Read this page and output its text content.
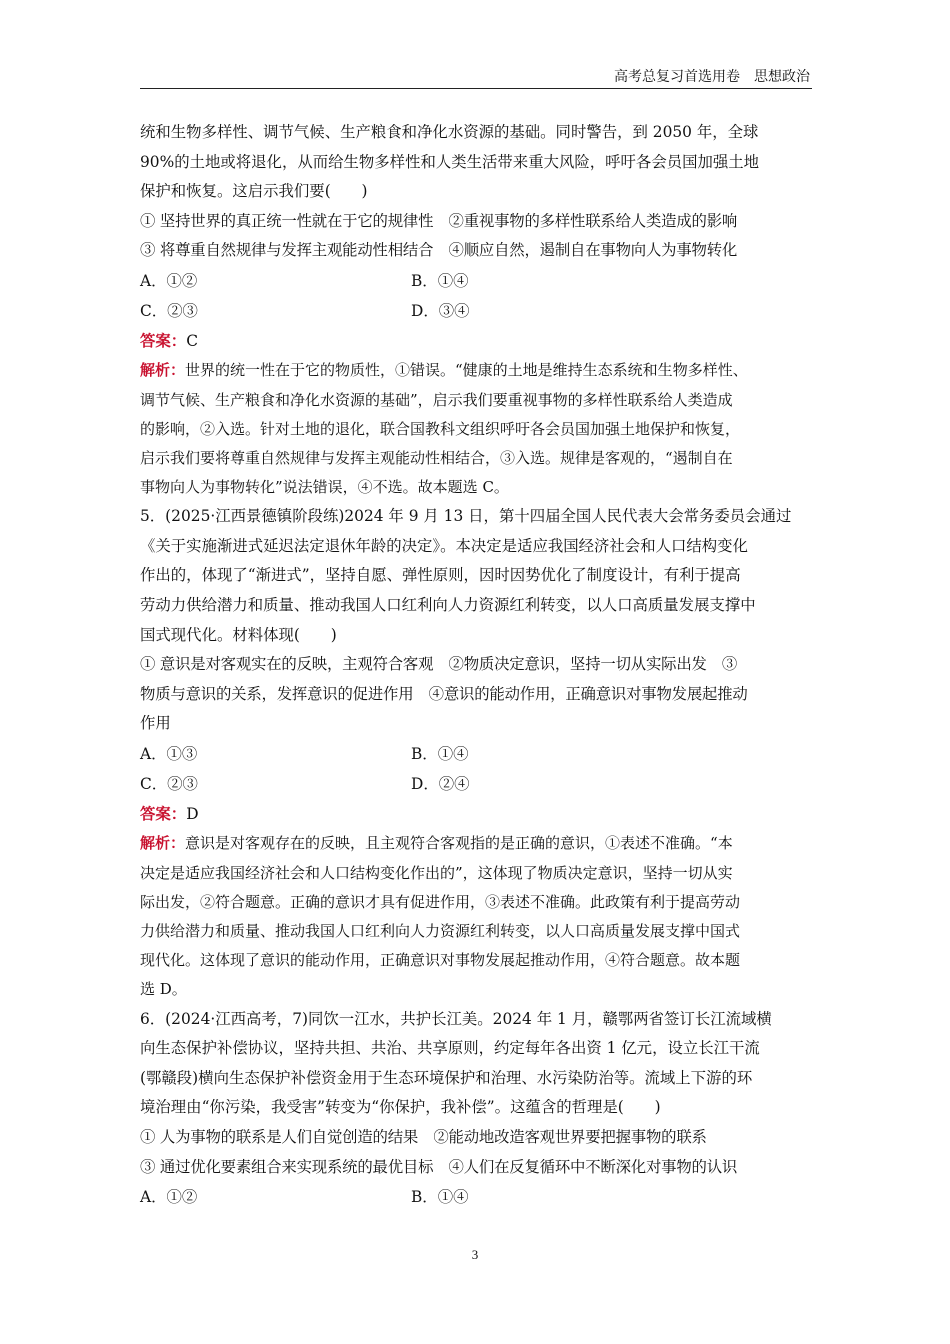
高考总复习首选用卷　思想政治
统和生物多样性、调节气候、生产粮食和净化水资源的基础。同时警告，到 2050 年，全球
90%的土地或将退化，从而给生物多样性和人类生活带来重大风险，呼吁各会员国加强土地
保护和恢复。这启示我们要(　　)
① 坚持世界的真正统一性就在于它的规律性　②重视事物的多样性联系给人类造成的影响
③ 将尊重自然规律与发挥主观能动性相结合　④顺应自然，遏制自在事物向人为事物转化
A．①②	B．①④
C．②③	D．③④
答案：C
解析：世界的统一性在于它的物质性，①错误。“健康的土地是维持生态系统和生物多样性、
调节气候、生产粮食和净化水资源的基础”，启示我们要重视事物的多样性联系给人类造成
的影响，②入选。针对土地的退化，联合国教科文组织呼吁各会员国加强土地保护和恢复，
启示我们要将尊重自然规律与发挥主观能动性相结合，③入选。规律是客观的，“遏制自在
事物向人为事物转化”说法错误，④不选。故本题选 C。
5．(2025·江西景德镇阶段练)2024 年 9 月 13 日，第十四届全国人民代表大会常务委员会通过
《关于实施渐进式延迟法定退休年龄的决定》。本决定是适应我国经济社会和人口结构变化
作出的，体现了“渐进式”，坚持自愿、弹性原则，因时因势优化了制度设计，有利于提高
劳动力供给潜力和质量、推动我国人口红利向人力资源红利转变，以人口高质量发展支撑中
国式现代化。材料体现(　　)
① 意识是对客观实在的反映，主观符合客观　②物质决定意识，坚持一切从实际出发　③
物质与意识的关系，发挥意识的促进作用　④意识的能动作用，正确意识对事物发展起推动
作用
A．①③	B．①④
C．②③	D．②④
答案：D
解析：意识是对客观存在的反映，且主观符合客观指的是正确的意识，①表述不准确。“本
决定是适应我国经济社会和人口结构变化作出的”，这体现了物质决定意识，坚持一切从实
际出发，②符合题意。正确的意识才具有促进作用，③表述不准确。此政策有利于提高劳动
力供给潜力和质量、推动我国人口红利向人力资源红利转变，以人口高质量发展支撑中国式
现代化。这体现了意识的能动作用，正确意识对事物发展起推动作用，④符合题意。故本题
选 D。
6．(2024·江西高考，7)同饮一江水，共护长江美。2024 年 1 月，赣鄂两省签订长江流域横
向生态保护补偿协议，坚持共担、共治、共享原则，约定每年各出资 1 亿元，设立长江干流
(鄂赣段)横向生态保护补偿资金用于生态环境保护和治理、水污染防治等。流域上下游的环
境治理由“你污染，我受害”转变为“你保护，我补偿”。这蕴含的哲理是(　　)
① 人为事物的联系是人们自觉创造的结果　②能动地改造客观世界要把握事物的联系
③ 通过优化要素组合来实现系统的最优目标　④人们在反复循环中不断深化对事物的认识
A．①②	B．①④
3
